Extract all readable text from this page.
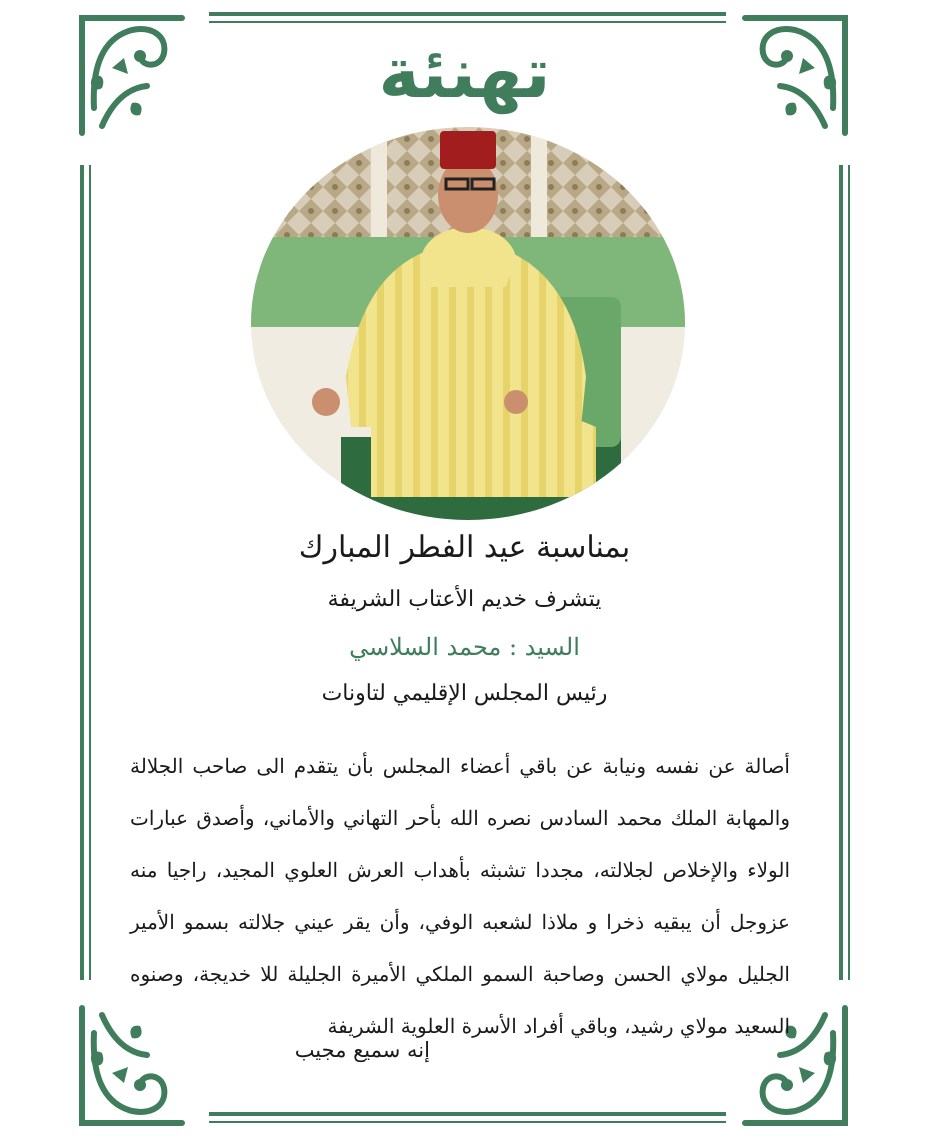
تهنئة
بمناسبة عيد الفطر المبارك
يتشرف خديم الأعتاب الشريفة
السيد : محمد السلاسي
رئيس المجلس الإقليمي لتاونات
أصالة عن نفسه ونيابة عن باقي أعضاء المجلس بأن يتقدم الى صاحب الجلالة والمهابة الملك محمد السادس نصره الله بأحر التهاني والأماني، وأصدق عبارات الولاء والإخلاص لجلالته، مجددا تشبثه بأهداب العرش العلوي المجيد، راجيا منه عزوجل أن يبقيه ذخرا و ملاذا لشعبه الوفي، وأن يقر عيني جلالته بسمو الأمير الجليل مولاي الحسن وصاحبة السمو الملكي الأميرة الجليلة للا خديجة، وصنوه السعيد مولاي رشيد، وباقي أفراد الأسرة العلوية الشريفة
إنه سميع مجيب
